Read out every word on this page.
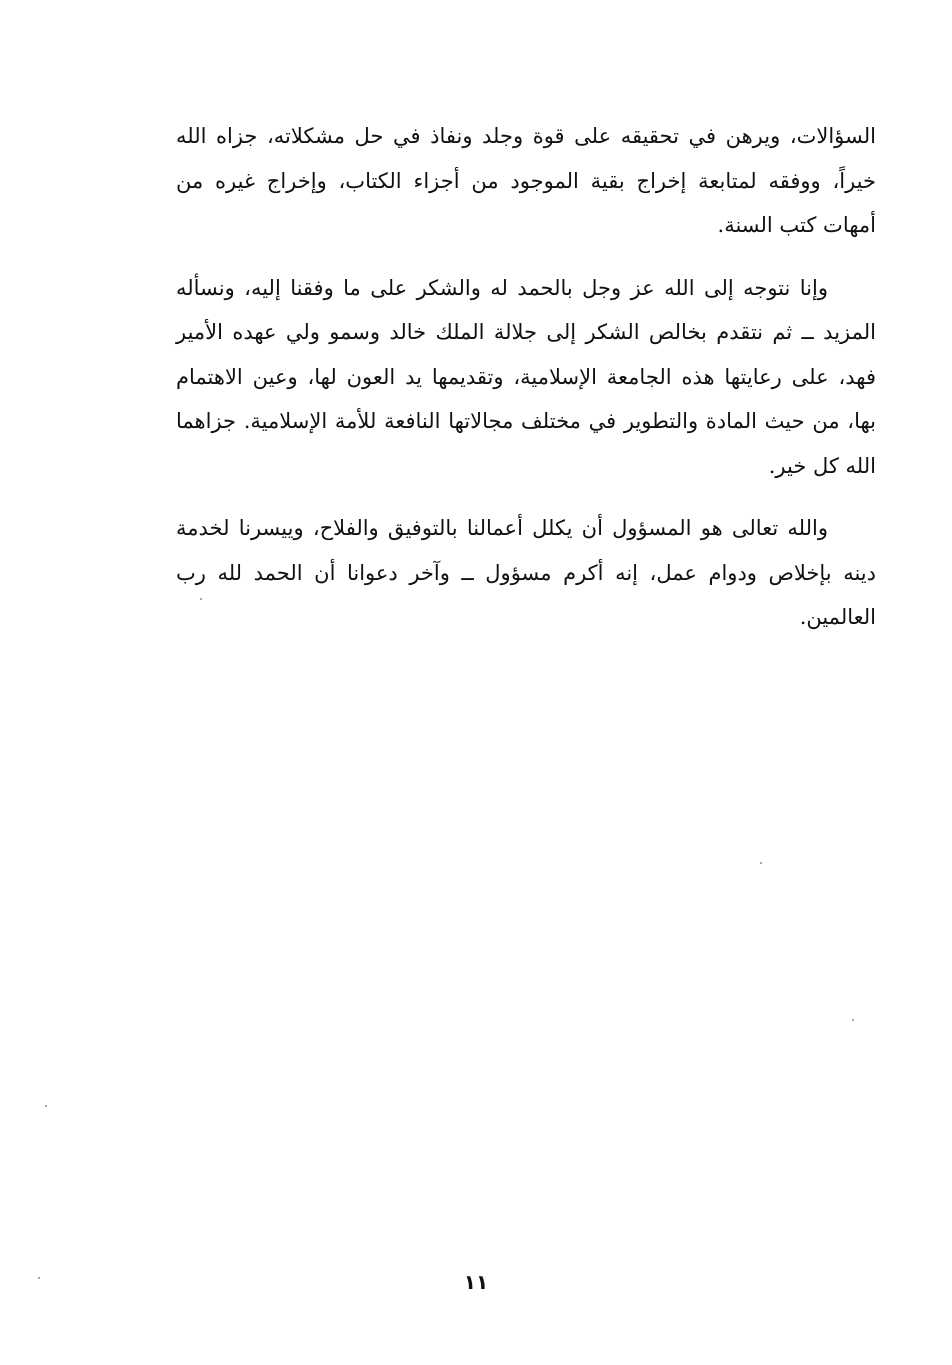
السؤالات، ويرهن في تحقيقه على قوة وجلد ونفاذ في حل مشكلاته، جزاه الله خيراً، ووفقه لمتابعة إخراج بقية الموجود من أجزاء الكتاب، وإخراج غيره من أمهات كتب السنة.

وإنا نتوجه إلى الله عز وجل بالحمد له والشكر على ما وفقنا إليه، ونسأله المزيد ــ ثم نتقدم بخالص الشكر إلى جلالة الملك خالد وسمو ولي عهده الأمير فهد، على رعايتها هذه الجامعة الإسلامية، وتقديمها يد العون لها، وعين الاهتمام بها، من حيث المادة والتطوير في مختلف مجالاتها النافعة للأمة الإسلامية. جزاهما الله كل خير.

والله تعالى هو المسؤول أن يكلل أعمالنا بالتوفيق والفلاح، وييسرنا لخدمة دينه بإخلاص ودوام عمل، إنه أكرم مسؤول ــ وآخر دعوانا أن الحمد لله رب العالمين.

١١
